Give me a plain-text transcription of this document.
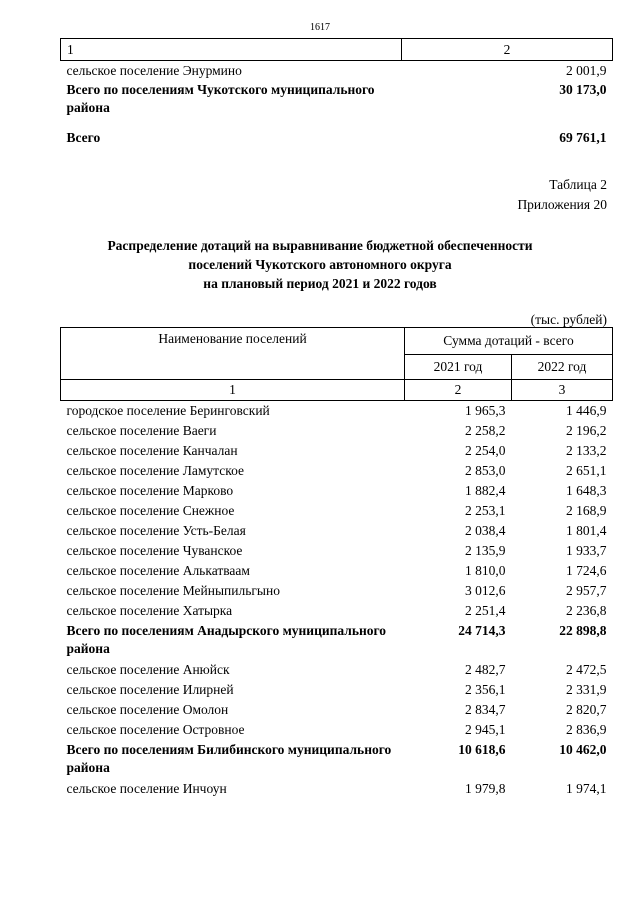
1617
1	2
сельское поселение Энурмино	2 001,9
Всего по поселениям Чукотского муниципального района	30 173,0
Всего	69 761,1
Таблица 2
Приложения 20
Распределение дотаций на выравнивание бюджетной обеспеченности
поселений Чукотского автономного округа
на плановый период 2021 и 2022 годов
(тыс. рублей)
Наименование поселений	Сумма дотаций - всего	
	2021 год	2022 год
1	2	3
городское поселение Беринговский	1 965,3	1 446,9
сельское поселение Ваеги	2 258,2	2 196,2
сельское поселение Канчалан	2 254,0	2 133,2
сельское поселение Ламутское	2 853,0	2 651,1
сельское поселение Марково	1 882,4	1 648,3
сельское поселение Снежное	2 253,1	2 168,9
сельское поселение Усть-Белая	2 038,4	1 801,4
сельское поселение Чуванское	2 135,9	1 933,7
сельское поселение Алькатваам	1 810,0	1 724,6
сельское поселение Мейныпильгыно	3 012,6	2 957,7
сельское поселение Хатырка	2 251,4	2 236,8
Всего по поселениям Анадырского муниципального района	24 714,3	22 898,8
сельское поселение Анюйск	2 482,7	2 472,5
сельское поселение Илирней	2 356,1	2 331,9
сельское поселение Омолон	2 834,7	2 820,7
сельское поселение Островное	2 945,1	2 836,9
Всего по поселениям Билибинского муниципального района	10 618,6	10 462,0
сельское поселение Инчоун	1 979,8	1 974,1
